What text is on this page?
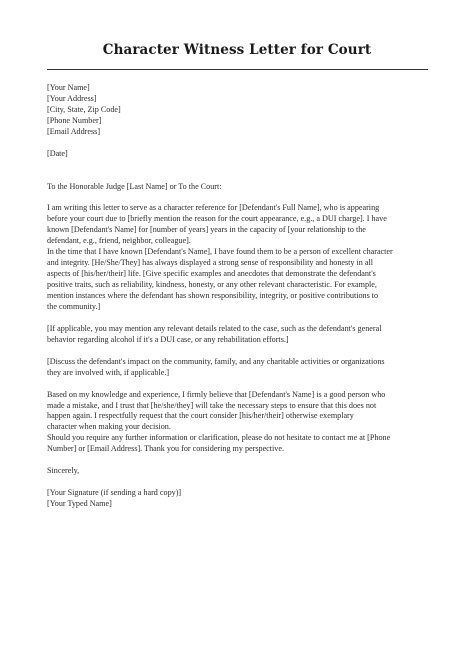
Character Witness Letter for Court
[Your Name]
[Your Address]
[City, State, Zip Code]
[Phone Number]
[Email Address]
[Date]
To the Honorable Judge [Last Name] or To the Court:
I am writing this letter to serve as a character reference for [Defendant's Full Name], who is appearing
before your court due to [briefly mention the reason for the court appearance, e.g., a DUI charge]. I have
known [Defendant's Name] for [number of years] years in the capacity of [your relationship to the
defendant, e.g., friend, neighbor, colleague].
In the time that I have known [Defendant's Name], I have found them to be a person of excellent character
and integrity. [He/She/They] has always displayed a strong sense of responsibility and honesty in all
aspects of [his/her/their] life. [Give specific examples and anecdotes that demonstrate the defendant's
positive traits, such as reliability, kindness, honesty, or any other relevant characteristic. For example,
mention instances where the defendant has shown responsibility, integrity, or positive contributions to
the community.]
[If applicable, you may mention any relevant details related to the case, such as the defendant's general
behavior regarding alcohol if it's a DUI case, or any rehabilitation efforts.]
[Discuss the defendant's impact on the community, family, and any charitable activities or organizations
they are involved with, if applicable.]
Based on my knowledge and experience, I firmly believe that [Defendant's Name] is a good person who
made a mistake, and I trust that [he/she/they] will take the necessary steps to ensure that this does not
happen again. I respectfully request that the court consider [his/her/their] otherwise exemplary
character when making your decision.
Should you require any further information or clarification, please do not hesitate to contact me at [Phone
Number] or [Email Address]. Thank you for considering my perspective.
Sincerely,
[Your Signature (if sending a hard copy)]
[Your Typed Name]
